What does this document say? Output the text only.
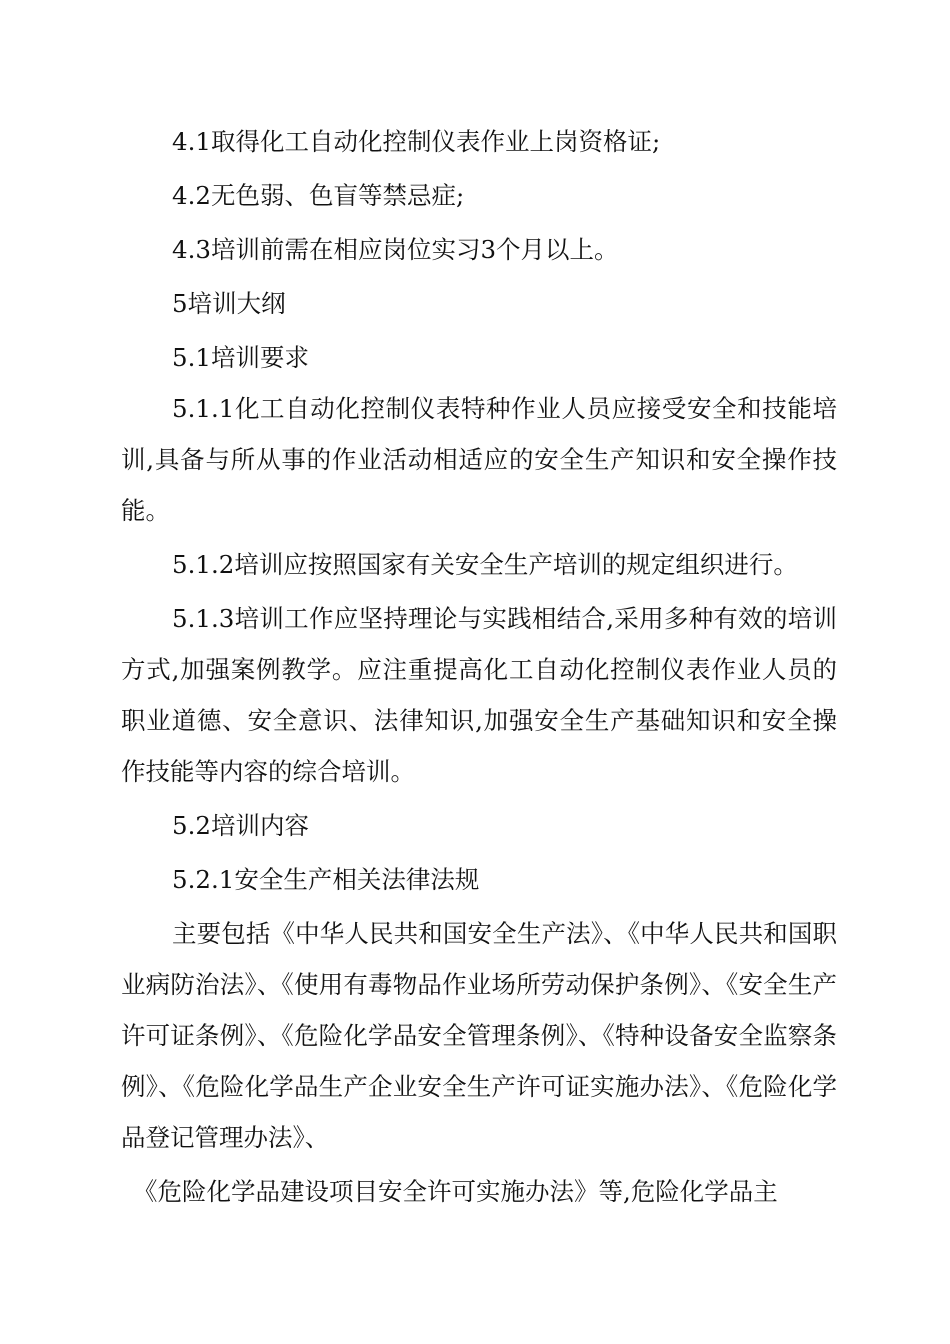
4.1取得化工自动化控制仪表作业上岗资格证;

4.2无色弱、色盲等禁忌症;

4.3培训前需在相应岗位实习3个月以上。

5培训大纲

5.1培训要求

5.1.1化工自动化控制仪表特种作业人员应接受安全和技能培训,具备与所从事的作业活动相适应的安全生产知识和安全操作技能。

5.1.2培训应按照国家有关安全生产培训的规定组织进行。

5.1.3培训工作应坚持理论与实践相结合,采用多种有效的培训方式,加强案例教学。应注重提高化工自动化控制仪表作业人员的职业道德、安全意识、法律知识,加强安全生产基础知识和安全操作技能等内容的综合培训。

5.2培训内容

5.2.1安全生产相关法律法规

主要包括《中华人民共和国安全生产法》、《中华人民共和国职业病防治法》、《使用有毒物品作业场所劳动保护条例》、《安全生产许可证条例》、《危险化学品安全管理条例》、《特种设备安全监察条例》、《危险化学品生产企业安全生产许可证实施办法》、《危险化学品登记管理办法》、

《危险化学品建设项目安全许可实施办法》等,危险化学品主
